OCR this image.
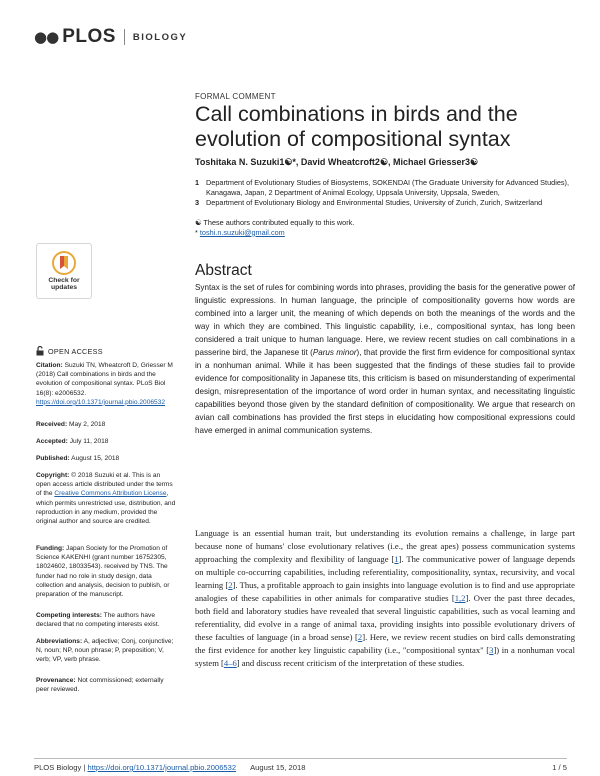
●● PLOS BIOLOGY
FORMAL COMMENT
Call combinations in birds and the evolution of compositional syntax
Toshitaka N. Suzuki1☯*, David Wheatcroft2☯, Michael Griesser3☯
1 Department of Evolutionary Studies of Biosystems, SOKENDAI (The Graduate University for Advanced Studies), Kanagawa, Japan, 2 Department of Animal Ecology, Uppsala University, Uppsala, Sweden,
3 Department of Evolutionary Biology and Environmental Studies, University of Zurich, Zurich, Switzerland
☯ These authors contributed equally to this work.
* toshi.n.suzuki@gmail.com
Check for
updates
OPEN ACCESS
Citation: Suzuki TN, Wheatcroft D, Griesser M (2018) Call combinations in birds and the evolution of compositional syntax. PLoS Biol 16(8): e2006532. https://doi.org/10.1371/journal.pbio.2006532
Received: May 2, 2018
Accepted: July 11, 2018
Published: August 15, 2018
Copyright: © 2018 Suzuki et al. This is an open access article distributed under the terms of the Creative Commons Attribution License, which permits unrestricted use, distribution, and reproduction in any medium, provided the original author and source are credited.
Funding: Japan Society for the Promotion of Science KAKENHI (grant number 16752305, 18024602, 18033543). received by TNS. The funder had no role in study design, data collection and analysis, decision to publish, or preparation of the manuscript.
Competing interests: The authors have declared that no competing interests exist.
Abbreviations: A, adjective; Conj, conjunctive; N, noun; NP, noun phrase; P, preposition; V, verb; VP, verb phrase.
Provenance: Not commissioned; externally peer reviewed.
Abstract
Syntax is the set of rules for combining words into phrases, providing the basis for the generative power of linguistic expressions. In human language, the principle of compositionality governs how words are combined into a larger unit, the meaning of which depends on both the meanings of the words and the way in which they are combined. This linguistic capability, i.e., compositional syntax, has long been considered a trait unique to human language. Here, we review recent studies on call combinations in a passerine bird, the Japanese tit (Parus minor), that provide the first firm evidence for compositional syntax in a nonhuman animal. While it has been suggested that the findings of these studies fail to provide evidence for compositionality in Japanese tits, this criticism is based on misunderstanding of experimental design, misrepresentation of the importance of word order in human syntax, and necessitating linguistic capabilities beyond those given by the standard definition of compositionality. We argue that research on avian call combinations has provided the first steps in elucidating how compositional expressions could have emerged in animal communication systems.
Language is an essential human trait, but understanding its evolution remains a challenge, in large part because none of humans' close evolutionary relatives (i.e., the great apes) possess communication systems approaching the complexity and flexibility of language [1]. The communicative power of language depends on multiple co-occurring capabilities, including referentiality, compositionality, syntax, recursivity, and vocal learning [2]. Thus, a profitable approach to gain insights into language evolution is to find and use appropriate analogies of these capabilities in other animals for comparative studies [1,2]. Over the past three decades, both field and laboratory studies have revealed that several linguistic capabilities, such as vocal learning and referentiality, did evolve in a range of animal taxa, providing insights into possible evolutionary drivers of these faculties of language (in a broad sense) [2]. Here, we review recent studies on bird calls demonstrating the first evidence for another key linguistic capability (i.e., "compositional syntax" [3]) in a nonhuman vocal system [4–6] and discuss recent criticism of the interpretation of these studies.
PLOS Biology | https://doi.org/10.1371/journal.pbio.2006532 August 15, 2018	1 / 5
